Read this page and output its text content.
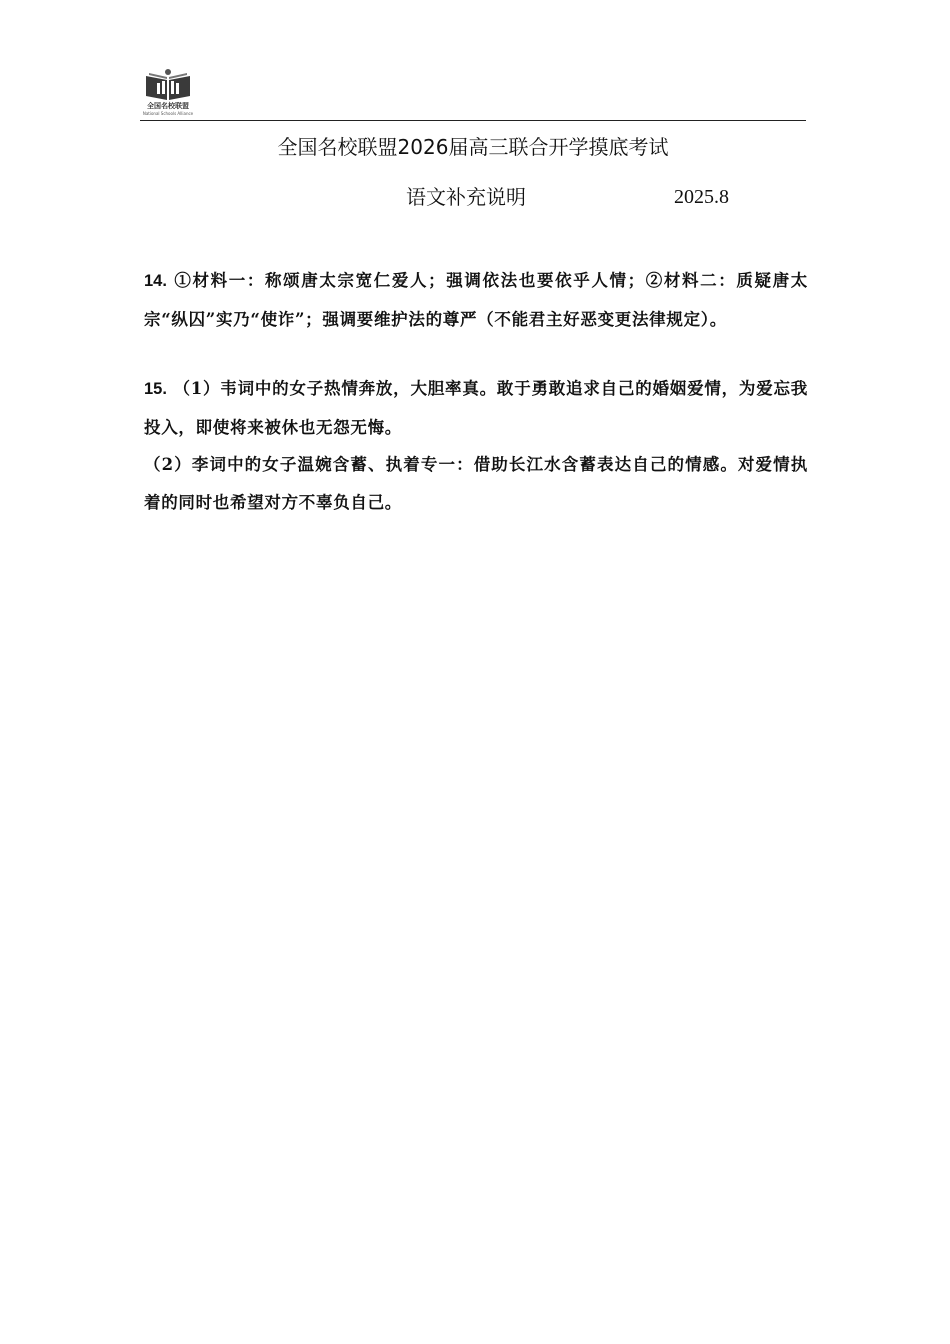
全国名校联盟
National Schools Alliance
全国名校联盟2026届高三联合开学摸底考试
语文补充说明	2025.8
14. ①材料一：称颂唐太宗宽仁爱人；强调依法也要依乎人情；②材料二：质疑唐太宗“纵囚”实乃“使诈”；强调要维护法的尊严（不能君主好恶变更法律规定）。
15. （1）韦词中的女子热情奔放，大胆率真。敢于勇敢追求自己的婚姻爱情，为爱忘我投入，即使将来被休也无怨无悔。
（2）李词中的女子温婉含蓄、执着专一：借助长江水含蓄表达自己的情感。对爱情执着的同时也希望对方不辜负自己。
